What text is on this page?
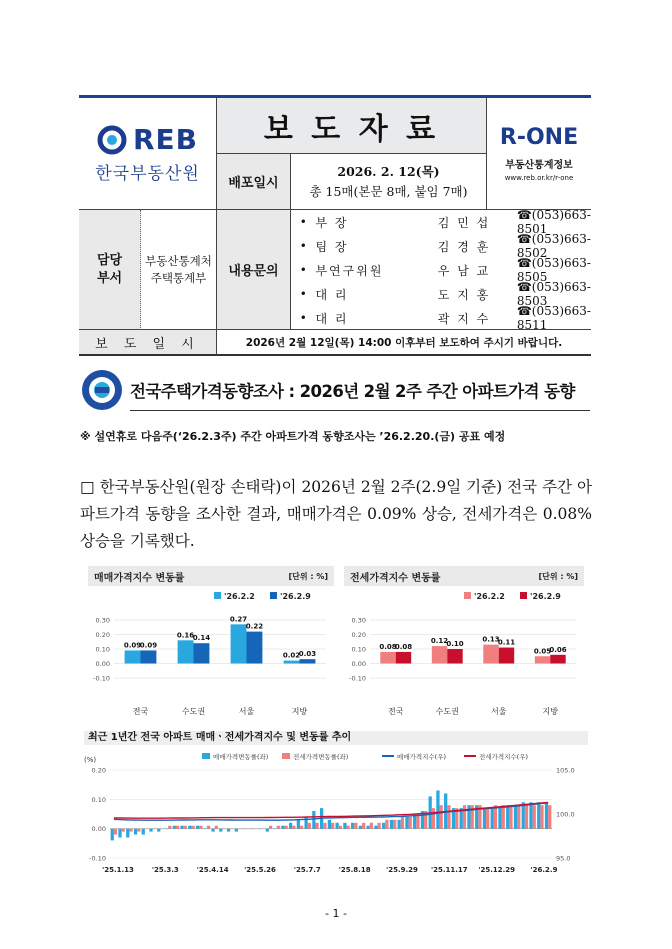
REB
한국부동산원
보 도 자 료	R-ONE
부동산통계정보
www.reb.or.kr/r-one
배포일시
2026. 2. 12(목)
총 15매(본문 8매, 붙임 7매)
담당
부서
부동산통계처
주택통계부	내용문의
• 부 장	김 민 섭
☎(053)663-8501
• 팀 장	김 경 훈
☎(053)663-8502
• 부연구위원	우 남 교
☎(053)663-8505
• 대 리	도 지 홍
☎(053)663-8503
• 대 리	곽 지 수
☎(053)663-8511
보 도 일 시	2026년 2월 12일(목) 14:00 이후부터 보도하여 주시기 바랍니다.
전국주택가격동향조사 : 2026년 2월 2주 주간 아파트가격 동향
※ 설연휴로 다음주(‘26.2.3주) 주간 아파트가격 동향조사는 ’26.2.20.(금) 공표 예정
□ 한국부동산원(원장 손태락)이 2026년 2월 2주(2.9일 기준) 전국 주간 아파트가격 동향을 조사한 결과, 매매가격은 0.09% 상승, 전세가격은 0.08% 상승을 기록했다.
매매가격지수 변동률	[단위 : %]
'26.2.2	'26.2.9
0.30
0.20
0.10
0.00
-0.10
0.09
0.09
전국
0.16
0.14
수도권
0.27
0.22
서울
0.02
0.03
지방
전세가격지수 변동률	[단위 : %]
'26.2.2	'26.2.9
0.30
0.20
0.10
0.00
-0.10
0.08
0.08
전국
0.12
0.10
수도권
0.13
0.11
서울
0.05
0.06
지방
최근 1년간 전국 아파트 매매ㆍ전세가격지수 및 변동률 추이
(%)	매매가격변동률(좌)	전세가격변동률(좌)	매매가격지수(우)	전세가격지수(우)
0.20
0.10
0.00
-0.10
105.0
100.0
95.0
'25.1.13	'25.3.3	'25.4.14 '25.5.26	'25.7.7	'25.8.18 '25.9.29 '25.11.17 '25.12.29 '26.2.9
- 1 -
